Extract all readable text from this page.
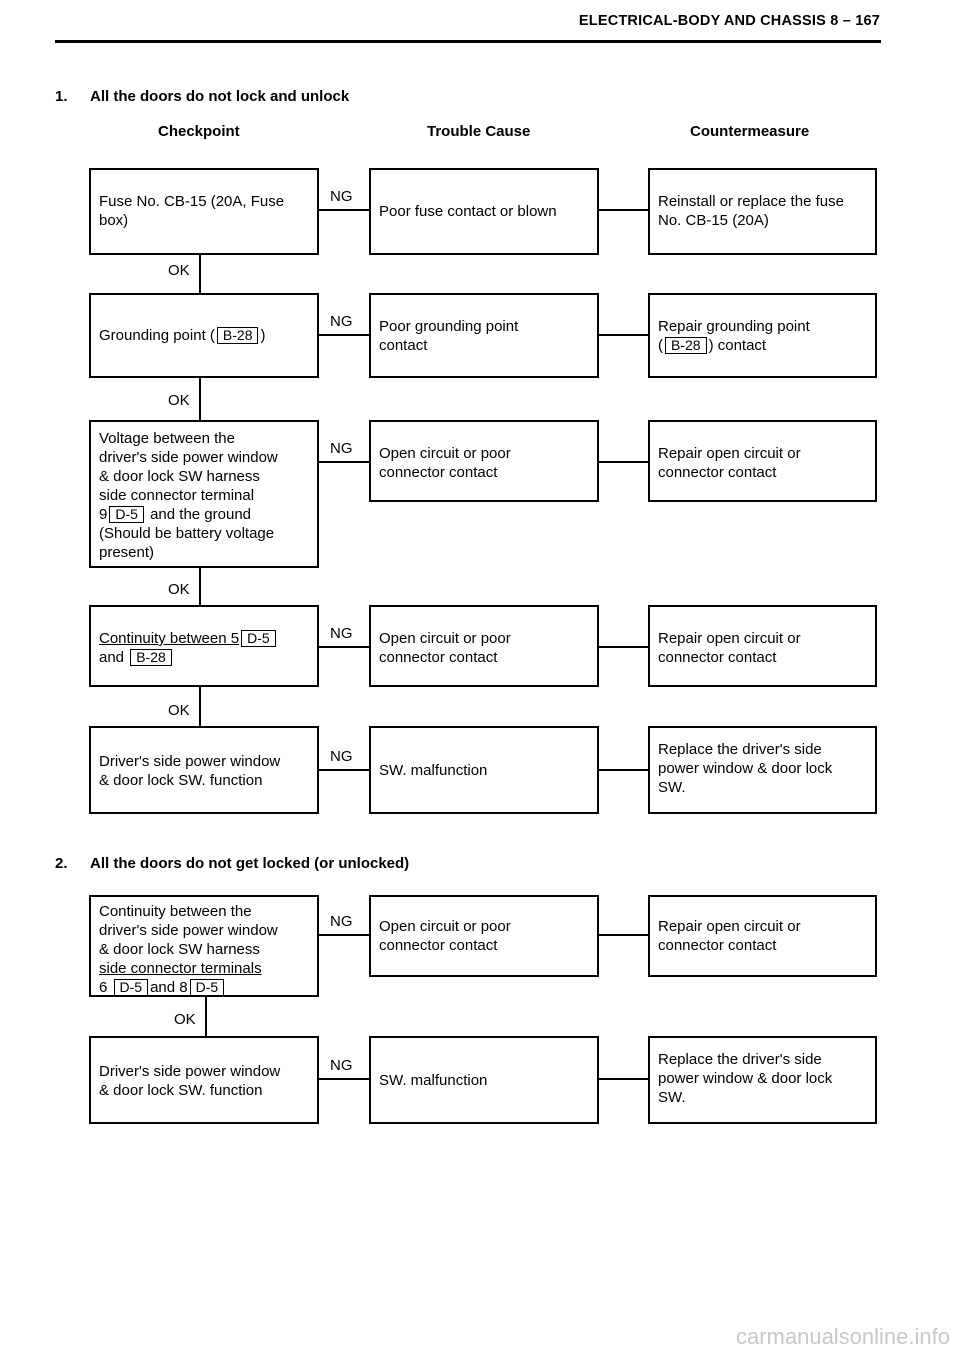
ELECTRICAL-BODY AND CHASSIS 8 – 167
1. All the doors do not lock and unlock
Checkpoint	Trouble Cause	Countermeasure
Fuse No. CB-15 (20A, Fuse
box)
NG
Poor fuse contact or blown
Reinstall or replace the fuse
No. CB-15 (20A)
OK
Grounding point ( B-28 )
NG Poor grounding point
contact
Repair grounding point
( B-28 ) contact
OK
Voltage between the
driver's side power window
& door lock SW harness
side connector terminal
9 D-5 and the ground
(Should be battery voltage
present)
NG Open circuit or poor
connector contact
Repair open circuit or
connector contact
OK
Continuity between 5 D-5
and B-28
NG Open circuit or poor
connector contact
Repair open circuit or
connector contact
OK
Driver's side power window
& door lock SW. function
NG
SW. malfunction
Replace the driver's side
power window & door lock
SW.
2. All the doors do not get locked (or unlocked)
Continuity between the
driver's side power window
& door lock SW harness
side connector terminals
6 D-5 and 8 D-5
NG Open circuit or poor
connector contact
Repair open circuit or
connector contact
OK
Driver's side power window
& door lock SW. function
NG
SW. malfunction
Replace the driver's side
power window & door lock
SW.
carmanualsonline.info
